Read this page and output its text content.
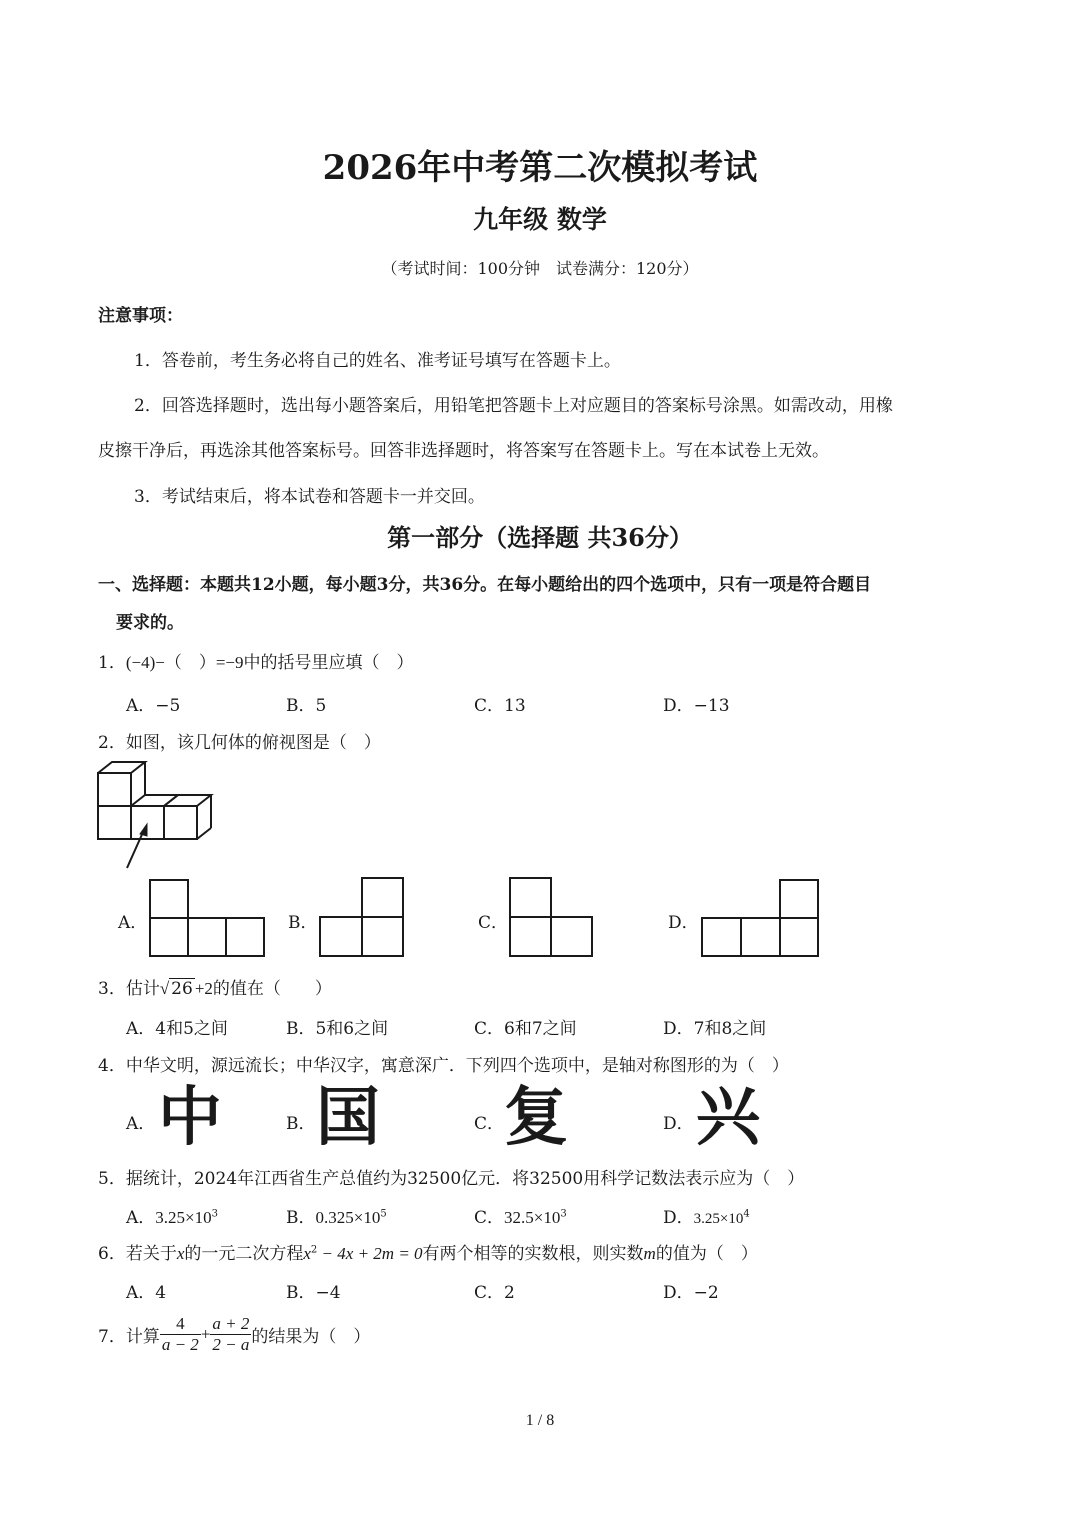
2026年中考第二次模拟考试
九年级 数学
（考试时间：100分钟　试卷满分：120分）
注意事项：
1．答卷前，考生务必将自己的姓名、准考证号填写在答题卡上。
2．回答选择题时，选出每小题答案后，用铅笔把答题卡上对应题目的答案标号涂黑。如需改动，用橡
皮擦干净后，再选涂其他答案标号。回答非选择题时，将答案写在答题卡上。写在本试卷上无效。
3．考试结束后，将本试卷和答题卡一并交回。
第一部分（选择题 共36分）
一、选择题：本题共12小题，每小题3分，共36分。在每小题给出的四个选项中，只有一项是符合题目
要求的。
1．(−4)−（　）=−9中的括号里应填（　）
A．−5	B．5	C．13	D．−13
2．如图，该几何体的俯视图是（　）
A．	B．	C．	D．
3．估计√ 26 +2的值在（　　）
A．4和5之间	B．5和6之间	C．6和7之间	D．7和8之间
4．中华文明，源远流长；中华汉字，寓意深广．下列四个选项中，是轴对称图形的为（　）
A． 中	B． 国	C． 复	D． 兴
5．据统计，2024年江西省生产总值约为32500亿元．将32500用科学记数法表示应为（　）
A．$3.25\times 10^3$	B．$0.325\times 10^5$	C．$32.5\times 10^3$	D．$3.25\times 10^4$
6．若关于x的一元二次方程$x^2 - 4x + 2m = 0$有两个相等的实数根，则实数m的值为（　）
A．4	B．−4	C．2	D．−2
7．计算 $\frac{4}{a - 2} + \frac{a + 2}{2 - a}$ 的结果为（　）
1 / 8
